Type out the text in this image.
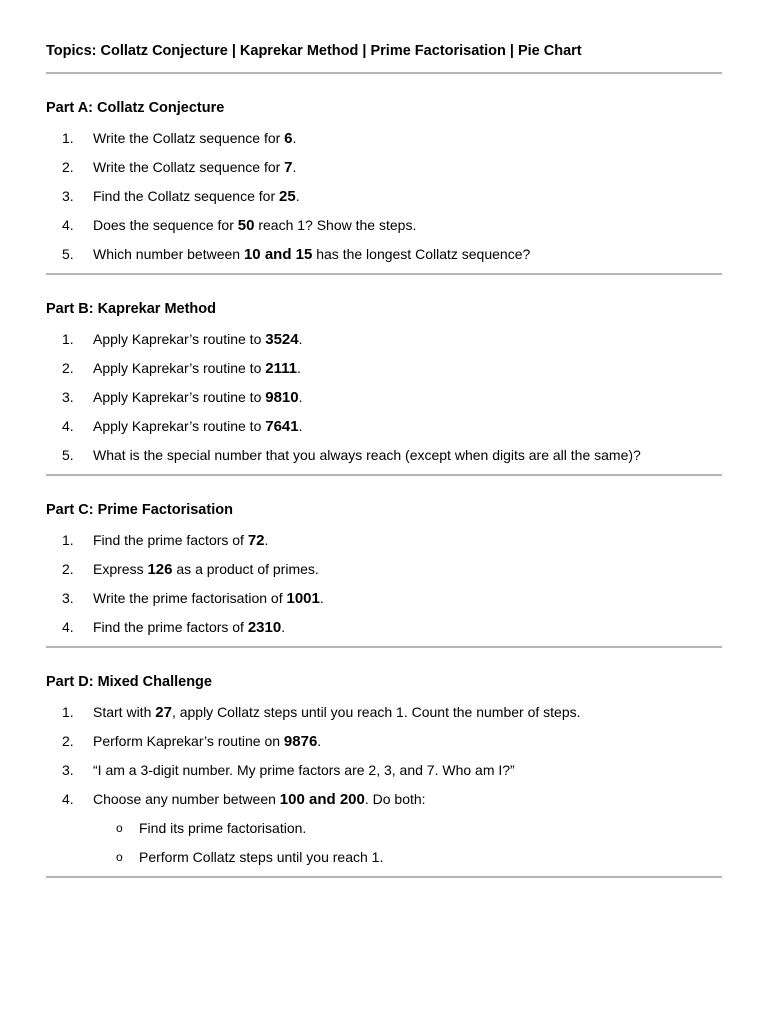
Topics: Collatz Conjecture | Kaprekar Method | Prime Factorisation | Pie Chart
Part A: Collatz Conjecture
1.	Write the Collatz sequence for 6.
2.	Write the Collatz sequence for 7.
3.	Find the Collatz sequence for 25.
4.	Does the sequence for 50 reach 1? Show the steps.
5.	Which number between 10 and 15 has the longest Collatz sequence?
Part B: Kaprekar Method
1.	Apply Kaprekar’s routine to 3524.
2.	Apply Kaprekar’s routine to 2111.
3.	Apply Kaprekar’s routine to 9810.
4.	Apply Kaprekar’s routine to 7641.
5.	What is the special number that you always reach (except when digits are all the same)?
Part C: Prime Factorisation
1.	Find the prime factors of 72.
2.	Express 126 as a product of primes.
3.	Write the prime factorisation of 1001.
4.	Find the prime factors of 2310.
Part D: Mixed Challenge
1.	Start with 27, apply Collatz steps until you reach 1. Count the number of steps.
2.	Perform Kaprekar’s routine on 9876.
3.	“I am a 3-digit number. My prime factors are 2, 3, and 7. Who am I?”
4.	Choose any number between 100 and 200. Do both:
o Find its prime factorisation.
o Perform Collatz steps until you reach 1.
